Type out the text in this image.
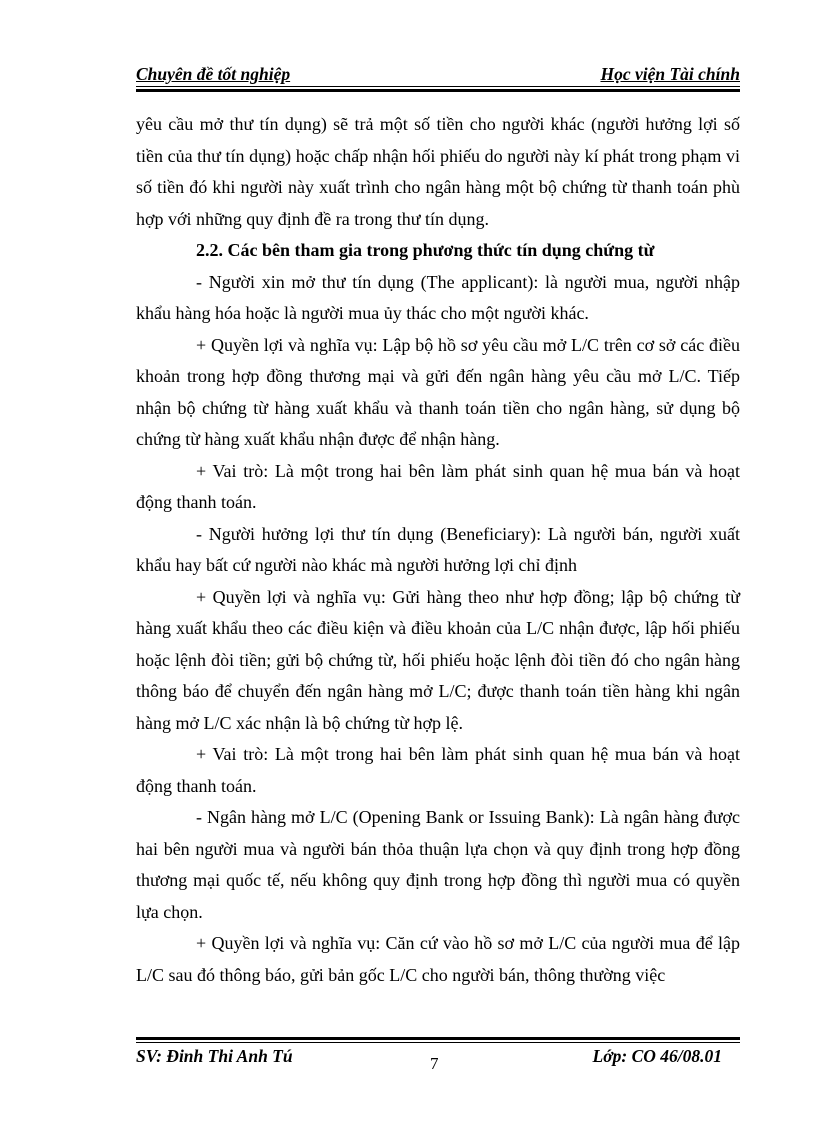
Chuyên đề tốt nghiệp	Học viện Tài chính

yêu cầu mở thư tín dụng) sẽ trả một số tiền cho người khác (người hưởng lợi số tiền của thư tín dụng) hoặc chấp nhận hối phiếu do người này kí phát trong phạm vi số tiền đó khi người này xuất trình cho ngân hàng một bộ chứng từ thanh toán phù hợp với những quy định đề ra trong thư tín dụng.

2.2. Các bên tham gia trong phương thức tín dụng chứng từ

- Người xin mở thư tín dụng (The applicant): là người mua, người nhập khẩu hàng hóa hoặc là người mua ủy thác cho một người khác.

+ Quyền lợi và nghĩa vụ: Lập bộ hồ sơ yêu cầu mở L/C trên cơ sở các điều khoản trong hợp đồng thương mại và gửi đến ngân hàng yêu cầu mở L/C. Tiếp nhận bộ chứng từ hàng xuất khẩu và thanh toán tiền cho ngân hàng, sử dụng bộ chứng từ hàng xuất khẩu nhận được để nhận hàng.

+ Vai trò: Là một trong hai bên làm phát sinh quan hệ mua bán và hoạt động thanh toán.

- Người hưởng lợi thư tín dụng (Beneficiary): Là người bán, người xuất khẩu hay bất cứ người nào khác mà người hưởng lợi chỉ định

+ Quyền lợi và nghĩa vụ: Gửi hàng theo như hợp đồng; lập bộ chứng từ hàng xuất khẩu theo các điều kiện và điều khoản của L/C nhận được, lập hối phiếu hoặc lệnh đòi tiền; gửi bộ chứng từ, hối phiếu hoặc lệnh đòi tiền đó cho ngân hàng thông báo để chuyển đến ngân hàng mở L/C; được thanh toán tiền hàng khi ngân hàng mở L/C xác nhận là bộ chứng từ hợp lệ.

+ Vai trò: Là một trong hai bên làm phát sinh quan hệ mua bán và hoạt động thanh toán.

- Ngân hàng mở L/C (Opening Bank or Issuing Bank): Là ngân hàng được hai bên người mua và người bán thỏa thuận lựa chọn và quy định trong hợp đồng thương mại quốc tế, nếu không quy định trong hợp đồng thì người mua có quyền lựa chọn.

+ Quyền lợi và nghĩa vụ: Căn cứ vào hồ sơ mở L/C của người mua để lập L/C sau đó thông báo, gửi bản gốc L/C cho người bán, thông thường việc

SV: Đinh Thi Anh Tú	7	Lớp: CO 46/08.01
